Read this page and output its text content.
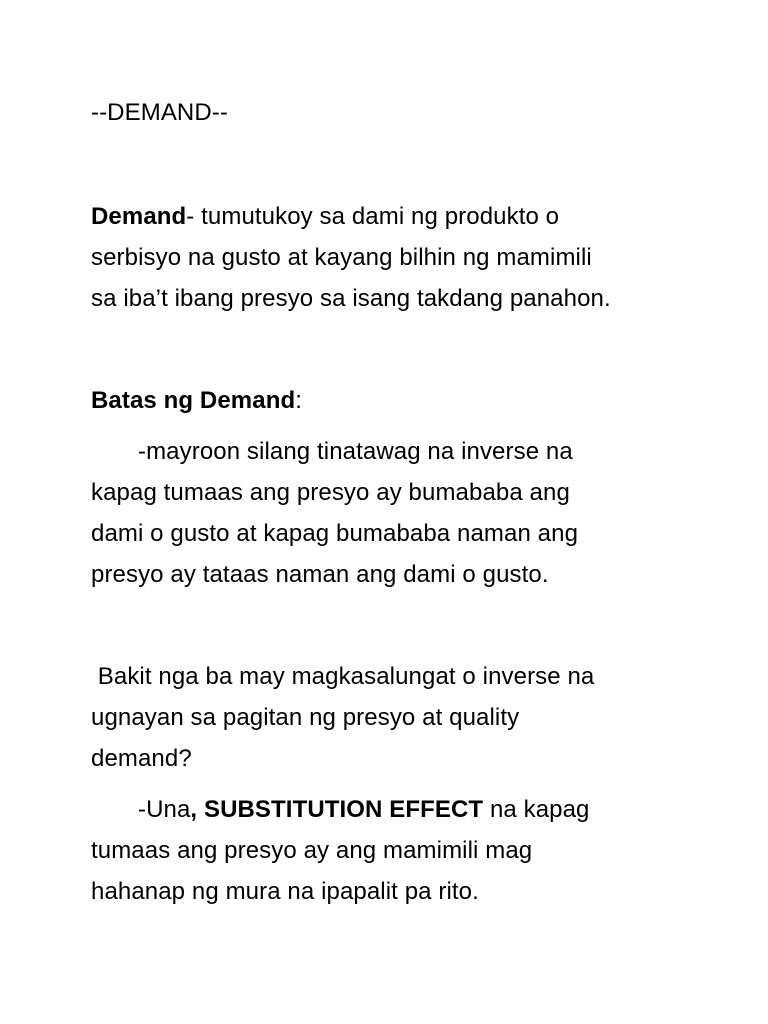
--DEMAND--

Demand- tumutukoy sa dami ng produkto o
serbisyo na gusto at kayang bilhin ng mamimili
sa iba’t ibang presyo sa isang takdang panahon.

Batas ng Demand:

-mayroon silang tinatawag na inverse na
kapag tumaas ang presyo ay bumababa ang
dami o gusto at kapag bumababa naman ang
presyo ay tataas naman ang dami o gusto.

Bakit nga ba may magkasalungat o inverse na
ugnayan sa pagitan ng presyo at quality
demand?

-Una, SUBSTITUTION EFFECT na kapag
tumaas ang presyo ay ang mamimili mag
hahanap ng mura na ipapalit pa rito.
